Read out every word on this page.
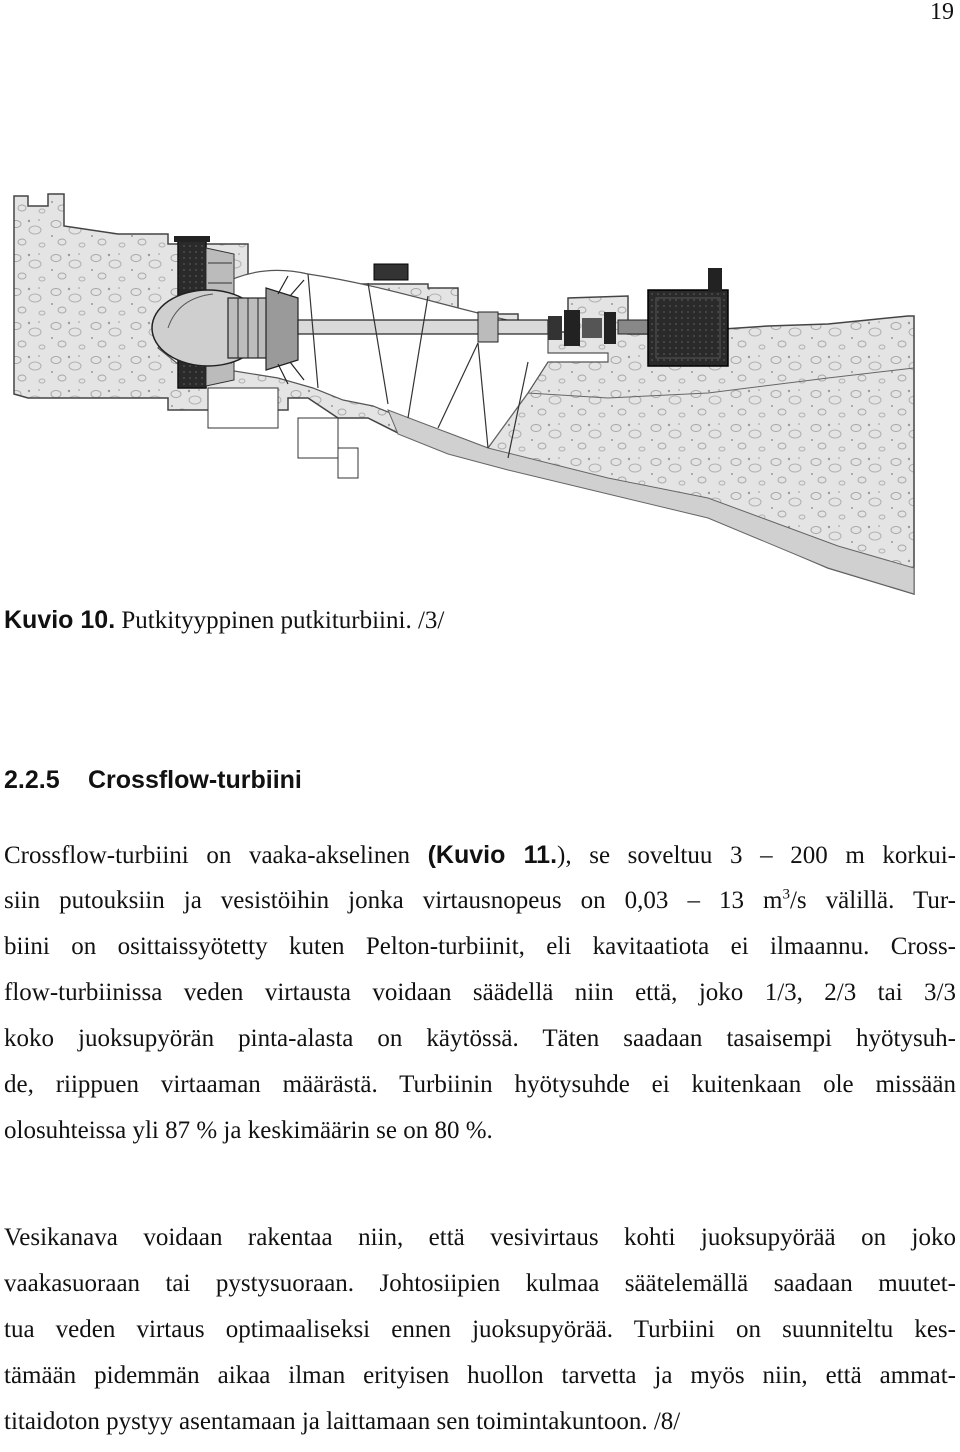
19
Kuvio 10. Putkityyppinen putkiturbiini. /3/
2.2.5 Crossflow-turbiini
Crossflow-turbiini on vaaka-akselinen (Kuvio 11.), se soveltuu 3 – 200 m korkui-
siin putouksiin ja vesistöihin jonka virtausnopeus on 0,03 – 13 $m^3/s$ välillä. Tur-
biini on osittaissyötetty kuten Pelton-turbiinit, eli kavitaatiota ei ilmaannu. Cross-
flow-turbiinissa veden virtausta voidaan säädellä niin että, joko 1/3, 2/3 tai 3/3
koko juoksupyörän pinta-alasta on käytössä. Täten saadaan tasaisempi hyötysuh-
de, riippuen virtaaman määrästä. Turbiinin hyötysuhde ei kuitenkaan ole missään
olosuhteissa yli 87 % ja keskimäärin se on 80 %.
Vesikanava voidaan rakentaa niin, että vesivirtaus kohti juoksupyörää on joko
vaakasuoraan tai pystysuoraan. Johtosiipien kulmaa säätelemällä saadaan muutet-
tua veden virtaus optimaaliseksi ennen juoksupyörää. Turbiini on suunniteltu kes-
tämään pidemmän aikaa ilman erityisen huollon tarvetta ja myös niin, että ammat-
titaidoton pystyy asentamaan ja laittamaan sen toimintakuntoon. /8/
